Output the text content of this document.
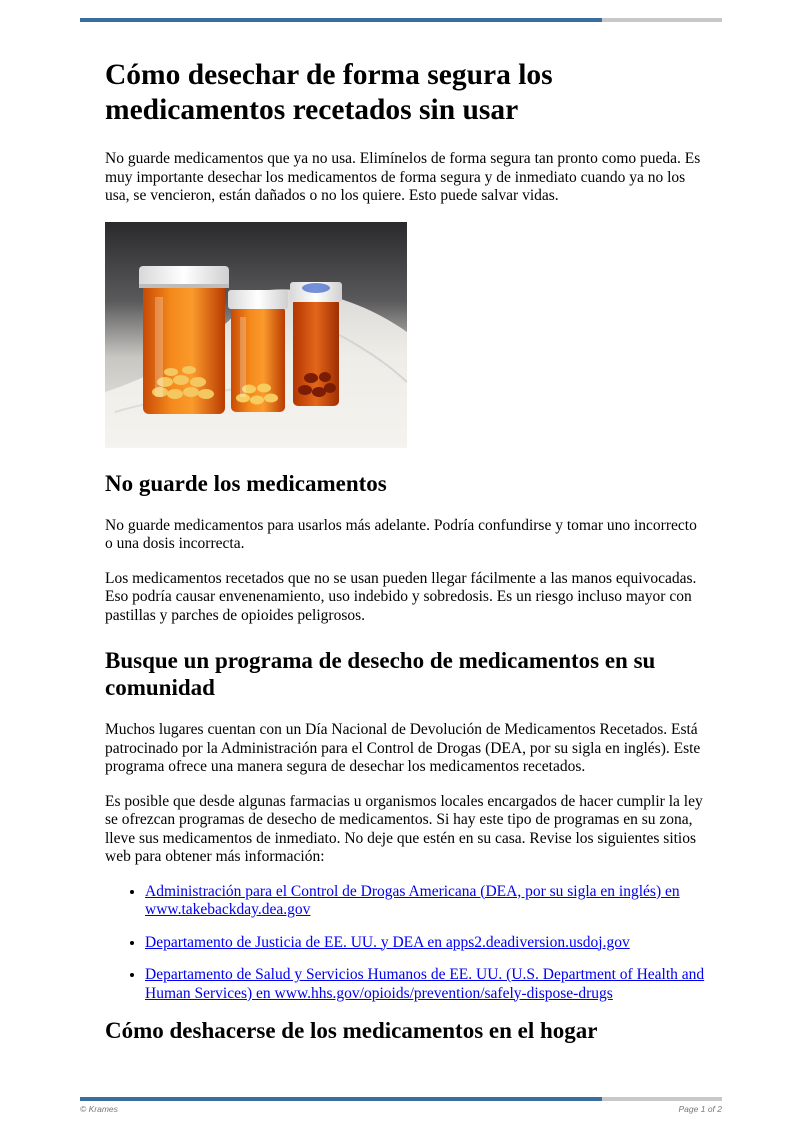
Cómo desechar de forma segura los medicamentos recetados sin usar

No guarde medicamentos que ya no usa. Elimínelos de forma segura tan pronto como pueda. Es muy importante desechar los medicamentos de forma segura y de inmediato cuando ya no los usa, se vencieron, están dañados o no los quiere. Esto puede salvar vidas.

No guarde los medicamentos

No guarde medicamentos para usarlos más adelante. Podría confundirse y tomar uno incorrecto o una dosis incorrecta.

Los medicamentos recetados que no se usan pueden llegar fácilmente a las manos equivocadas. Eso podría causar envenenamiento, uso indebido y sobredosis. Es un riesgo incluso mayor con pastillas y parches de opioides peligrosos.

Busque un programa de desecho de medicamentos en su comunidad

Muchos lugares cuentan con un Día Nacional de Devolución de Medicamentos Recetados. Está patrocinado por la Administración para el Control de Drogas (DEA, por su sigla en inglés). Este programa ofrece una manera segura de desechar los medicamentos recetados.

Es posible que desde algunas farmacias u organismos locales encargados de hacer cumplir la ley se ofrezcan programas de desecho de medicamentos. Si hay este tipo de programas en su zona, lleve sus medicamentos de inmediato. No deje que estén en su casa. Revise los siguientes sitios web para obtener más información:

• Administración para el Control de Drogas Americana (DEA, por su sigla en inglés) en www.takebackday.dea.gov
• Departamento de Justicia de EE. UU. y DEA en apps2.deadiversion.usdoj.gov
• Departamento de Salud y Servicios Humanos de EE. UU. (U.S. Department of Health and Human Services) en www.hhs.gov/opioids/prevention/safely-dispose-drugs
Cómo deshacerse de los medicamentos en el hogar
© Krames	Page 1 of 2
